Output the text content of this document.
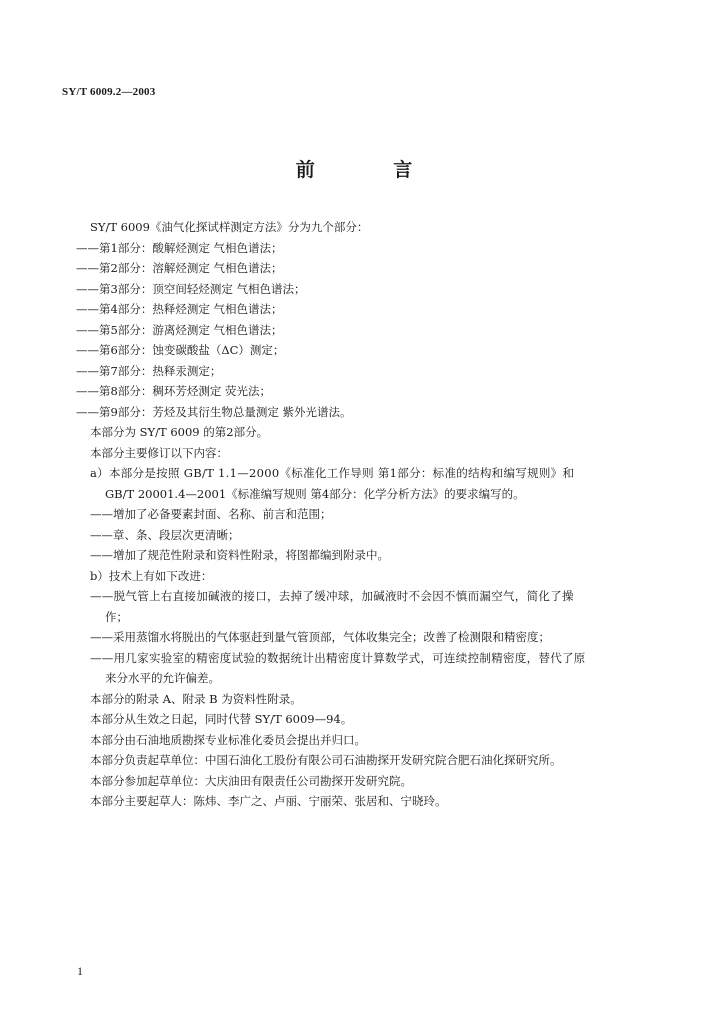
SY/T 6009.2—2003
前 言
SY/T 6009《油气化探试样测定方法》分为九个部分：
——第1部分：酸解烃测定 气相色谱法；
——第2部分：溶解烃测定 气相色谱法；
——第3部分：顶空间轻烃测定 气相色谱法；
——第4部分：热释烃测定 气相色谱法；
——第5部分：游离烃测定 气相色谱法；
——第6部分：蚀变碳酸盐（ΔC）测定；
——第7部分：热释汞测定；
——第8部分：稠环芳烃测定 荧光法；
——第9部分：芳烃及其衍生物总量测定 紫外光谱法。
本部分为 SY/T 6009 的第2部分。
本部分主要修订以下内容：
a）本部分是按照 GB/T 1.1—2000《标准化工作导则 第1部分：标准的结构和编写规则》和
GB/T 20001.4—2001《标准编写规则 第4部分：化学分析方法》的要求编写的。
——增加了必备要素封面、名称、前言和范围；
——章、条、段层次更清晰；
——增加了规范性附录和资料性附录，将图都编到附录中。
b）技术上有如下改进：
——脱气管上右直接加碱液的接口，去掉了缓冲球，加碱液时不会因不慎而漏空气，简化了操
作；
——采用蒸馏水将脱出的气体驱赶到量气管顶部，气体收集完全；改善了检测限和精密度；
——用几家实验室的精密度试验的数据统计出精密度计算数学式，可连续控制精密度，替代了原
来分水平的允许偏差。
本部分的附录 A、附录 B 为资料性附录。
本部分从生效之日起，同时代替 SY/T 6009—94。
本部分由石油地质勘探专业标准化委员会提出并归口。
本部分负责起草单位：中国石油化工股份有限公司石油勘探开发研究院合肥石油化探研究所。
本部分参加起草单位：大庆油田有限责任公司勘探开发研究院。
本部分主要起草人：陈炜、李广之、卢丽、宁丽荣、张居和、宁晓玲。
1
